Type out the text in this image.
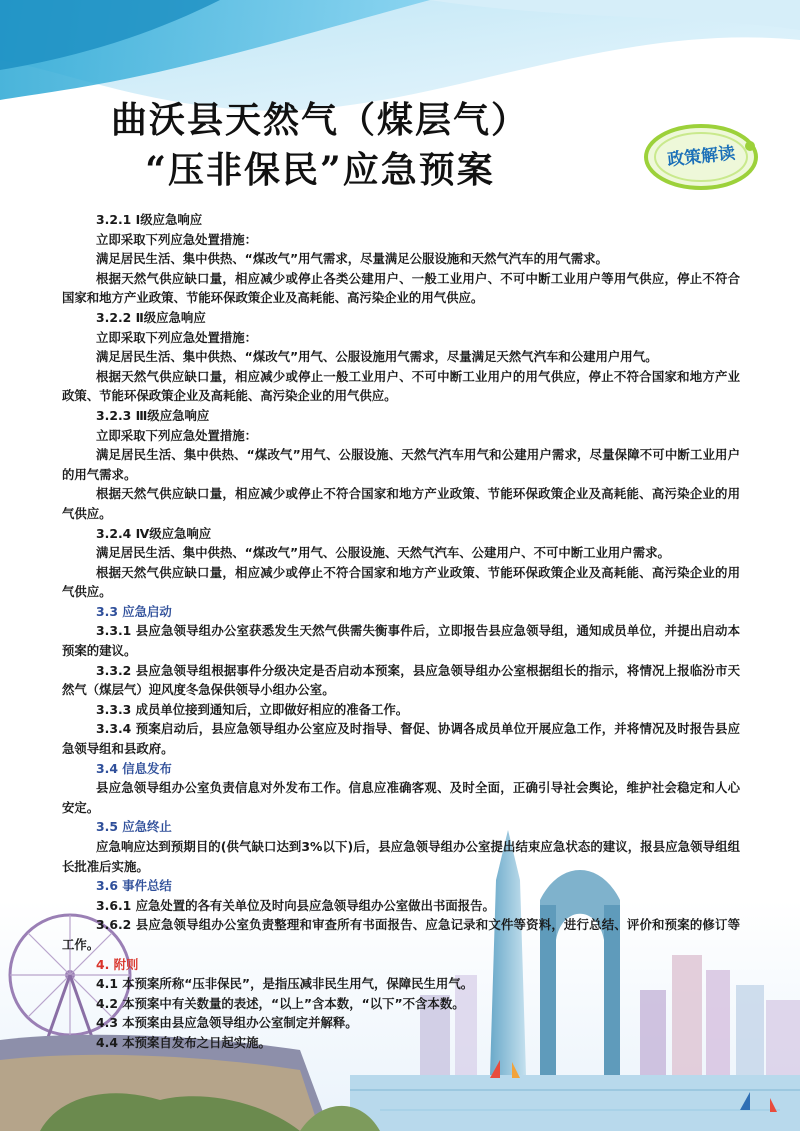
曲沃县天然气（煤层气）
“压非保民”应急预案	政策解读

3.2.1 Ⅰ级应急响应

立即采取下列应急处置措施：

满足居民生活、集中供热、“煤改气”用气需求，尽量满足公服设施和天然气汽车的用气需求。

根据天然气供应缺口量，相应减少或停止各类公建用户、一般工业用户、不可中断工业用户等用气供应，停止不符合国家和地方产业政策、节能环保政策企业及高耗能、高污染企业的用气供应。

3.2.2 Ⅱ级应急响应

立即采取下列应急处置措施：

满足居民生活、集中供热、“煤改气”用气、公服设施用气需求，尽量满足天然气汽车和公建用户用气。

根据天然气供应缺口量，相应减少或停止一般工业用户、不可中断工业用户的用气供应，停止不符合国家和地方产业政策、节能环保政策企业及高耗能、高污染企业的用气供应。

3.2.3 Ⅲ级应急响应

立即采取下列应急处置措施：

满足居民生活、集中供热、“煤改气”用气、公服设施、天然气汽车用气和公建用户需求，尽量保障不可中断工业用户的用气需求。

根据天然气供应缺口量，相应减少或停止不符合国家和地方产业政策、节能环保政策企业及高耗能、高污染企业的用气供应。

3.2.4 Ⅳ级应急响应

满足居民生活、集中供热、“煤改气”用气、公服设施、天然气汽车、公建用户、不可中断工业用户需求。

根据天然气供应缺口量，相应减少或停止不符合国家和地方产业政策、节能环保政策企业及高耗能、高污染企业的用气供应。

3.3 应急启动

3.3.1 县应急领导组办公室获悉发生天然气供需失衡事件后，立即报告县应急领导组，通知成员单位，并提出启动本预案的建议。

3.3.2 县应急领导组根据事件分级决定是否启动本预案，县应急领导组办公室根据组长的指示，将情况上报临汾市天然气（煤层气）迎风度冬急保供领导小组办公室。

3.3.3 成员单位接到通知后，立即做好相应的准备工作。

3.3.4 预案启动后，县应急领导组办公室应及时指导、督促、协调各成员单位开展应急工作，并将情况及时报告县应急领导组和县政府。

3.4 信息发布

县应急领导组办公室负责信息对外发布工作。信息应准确客观、及时全面，正确引导社会舆论，维护社会稳定和人心安定。

3.5 应急终止

应急响应达到预期目的(供气缺口达到3%以下)后，县应急领导组办公室提出结束应急状态的建议，报县应急领导组组长批准后实施。

3.6 事件总结

3.6.1 应急处置的各有关单位及时向县应急领导组办公室做出书面报告。

3.6.2 县应急领导组办公室负责整理和审查所有书面报告、应急记录和文件等资料，进行总结、评价和预案的修订等工作。

4. 附则

4.1 本预案所称“压非保民”，是指压减非民生用气，保障民生用气。

4.2 本预案中有关数量的表述，“以上”含本数，“以下”不含本数。

4.3 本预案由县应急领导组办公室制定并解释。

4.4 本预案自发布之日起实施。
